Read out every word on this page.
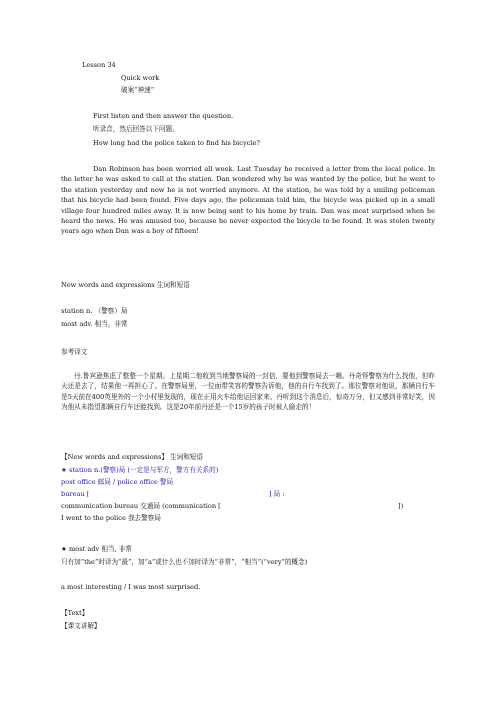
Lesson 34
Quick work
破案“神速”
First listen and then answer the question.
听录音，然后回答以下问题。
How long had the police taken to find his bicycle?
Dan Robinson has been worried all week. Last Tuesday he received a letter from the local police. In the letter he was asked to call at the station. Dan wondered why he was wanted by the police, but he went to the station yesterday and now he is not worried anymore. At the station, he was told by a smiling policeman that his bicycle had been found. Five days ago, the policeman told him, the bicycle was picked up in a small village four hundred miles away. It is now being sent to his home by train. Dan was most surprised when he heard the news. He was amused too, because he never expected the bicycle to be found. It was stolen twenty years ago when Dan was a boy of fifteen!
New words and expressions 生词和短语
station n. （警察）局
most adv. 相当，非常
参考译文
丹.鲁宾逊焦虑了整整一个星期。上星期二他收到当地警察局的一封信，要他到警察局去一趟。丹奇怪警察为什么找他，但昨天还是去了，结果他一再担心了。在警察局里，一位面带笑容的警察告诉他，他的自行车找到了。那位警察对他说，那辆自行车是5天前在400英里外的一个小村里发现的，现在正用火车给他运回家来。丹听到这个消息后，惊奇万分，但又感到非常好笑，因为他从未指望那辆自行车还能找到。这是20年前丹还是一个15岁的孩子时被人偷走的！
【New words and expressions】 生词和短语
★ station n.(警察)局 (一定是与军方，警方有关系的)
post office 邮局 / police office 警局
bureau [	] 局 :
communication bureau 交通局 (communication [	])
I went to the police 我去警察局
★ most adv 相当, 非常
只有加“the”时译为“最”，加“a”或什么也不加时译为“非常”，“相当”(“very”的概念)
a most interesting / I was most surprised.
【Text】
【课文讲解】
